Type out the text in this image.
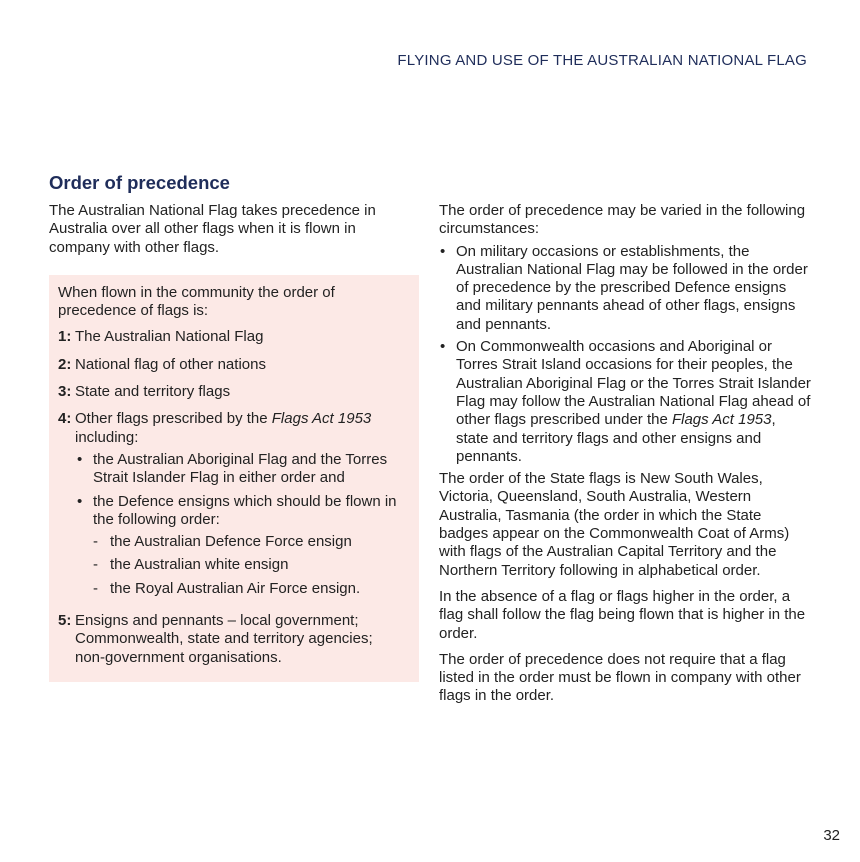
FLYING AND USE OF THE AUSTRALIAN NATIONAL FLAG
Order of precedence

The Australian National Flag takes precedence in Australia over all other flags when it is flown in company with other flags.

When flown in the community the order of precedence of flags is:

1: The Australian National Flag
2: National flag of other nations
3: State and territory flags
4: Other flags prescribed by the Flags Act 1953 including:
• the Australian Aboriginal Flag and the Torres Strait Islander Flag in either order and
• the Defence ensigns which should be flown in the following order:
- the Australian Defence Force ensign
- the Australian white ensign
- the Royal Australian Air Force ensign.
5: Ensigns and pennants – local government; Commonwealth, state and territory agencies; non-government organisations.

The order of precedence may be varied in the following circumstances:

• On military occasions or establishments, the Australian National Flag may be followed in the order of precedence by the prescribed Defence ensigns and military pennants ahead of other flags, ensigns and pennants.
• On Commonwealth occasions and Aboriginal or Torres Strait Island occasions for their peoples, the Australian Aboriginal Flag or the Torres Strait Islander Flag may follow the Australian National Flag ahead of other flags prescribed under the Flags Act 1953, state and territory flags and other ensigns and pennants.

The order of the State flags is New South Wales, Victoria, Queensland, South Australia, Western Australia, Tasmania (the order in which the State badges appear on the Commonwealth Coat of Arms) with flags of the Australian Capital Territory and the Northern Territory following in alphabetical order.

In the absence of a flag or flags higher in the order, a flag shall follow the flag being flown that is higher in the order.

The order of precedence does not require that a flag listed in the order must be flown in company with other flags in the order.

32
